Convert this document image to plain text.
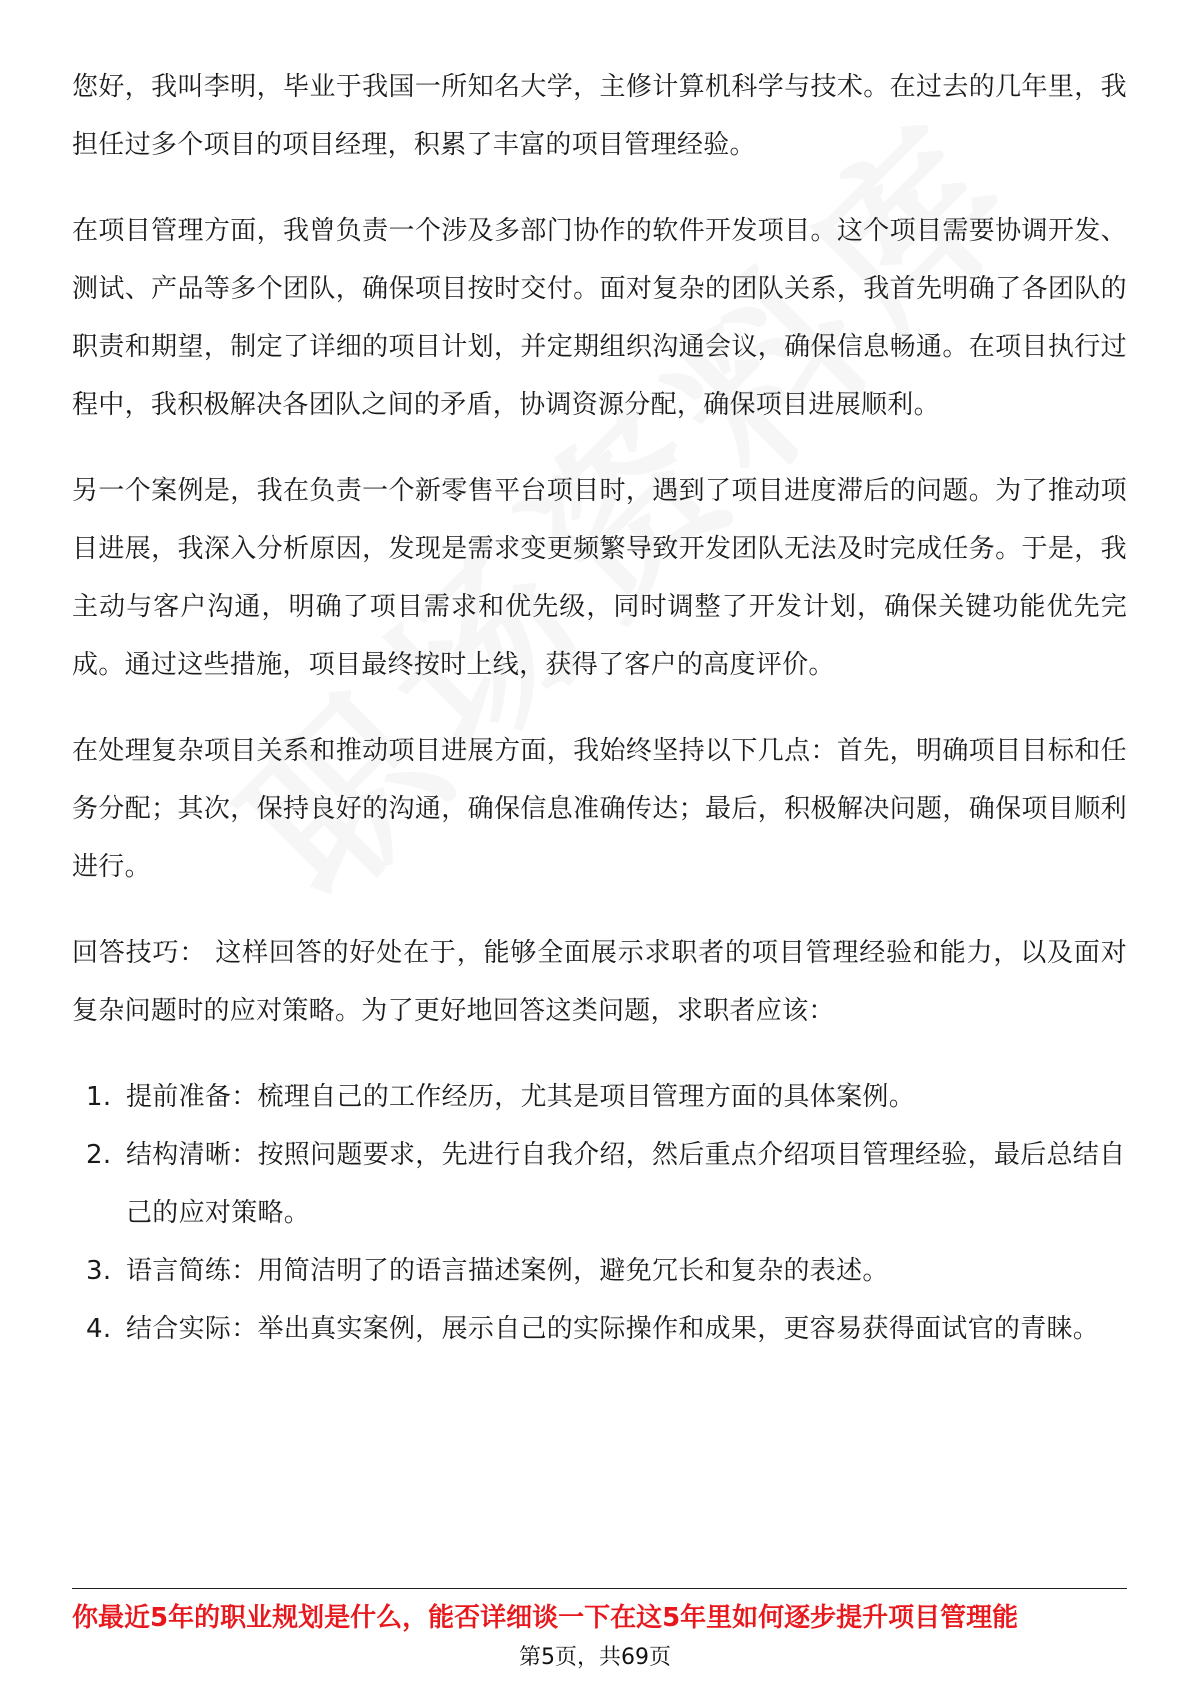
您好，我叫李明，毕业于我国一所知名大学，主修计算机科学与技术。在过去的几年里，我担任过多个项目的项目经理，积累了丰富的项目管理经验。

在项目管理方面，我曾负责一个涉及多部门协作的软件开发项目。这个项目需要协调开发、测试、产品等多个团队，确保项目按时交付。面对复杂的团队关系，我首先明确了各团队的职责和期望，制定了详细的项目计划，并定期组织沟通会议，确保信息畅通。在项目执行过程中，我积极解决各团队之间的矛盾，协调资源分配，确保项目进展顺利。

另一个案例是，我在负责一个新零售平台项目时，遇到了项目进度滞后的问题。为了推动项目进展，我深入分析原因，发现是需求变更频繁导致开发团队无法及时完成任务。于是，我主动与客户沟通，明确了项目需求和优先级，同时调整了开发计划，确保关键功能优先完成。通过这些措施，项目最终按时上线，获得了客户的高度评价。

在处理复杂项目关系和推动项目进展方面，我始终坚持以下几点：首先，明确项目目标和任务分配；其次，保持良好的沟通，确保信息准确传达；最后，积极解决问题，确保项目顺利进行。

回答技巧： 这样回答的好处在于，能够全面展示求职者的项目管理经验和能力，以及面对复杂问题时的应对策略。为了更好地回答这类问题，求职者应该：

1. 提前准备：梳理自己的工作经历，尤其是项目管理方面的具体案例。
2. 结构清晰：按照问题要求，先进行自我介绍，然后重点介绍项目管理经验，最后总结自己的应对策略。
3. 语言简练：用简洁明了的语言描述案例，避免冗长和复杂的表述。
4. 结合实际：举出真实案例，展示自己的实际操作和成果，更容易获得面试官的青睐。
你最近5年的职业规划是什么，能否详细谈一下在这5年里如何逐步提升项目管理能
第5页，共69页
